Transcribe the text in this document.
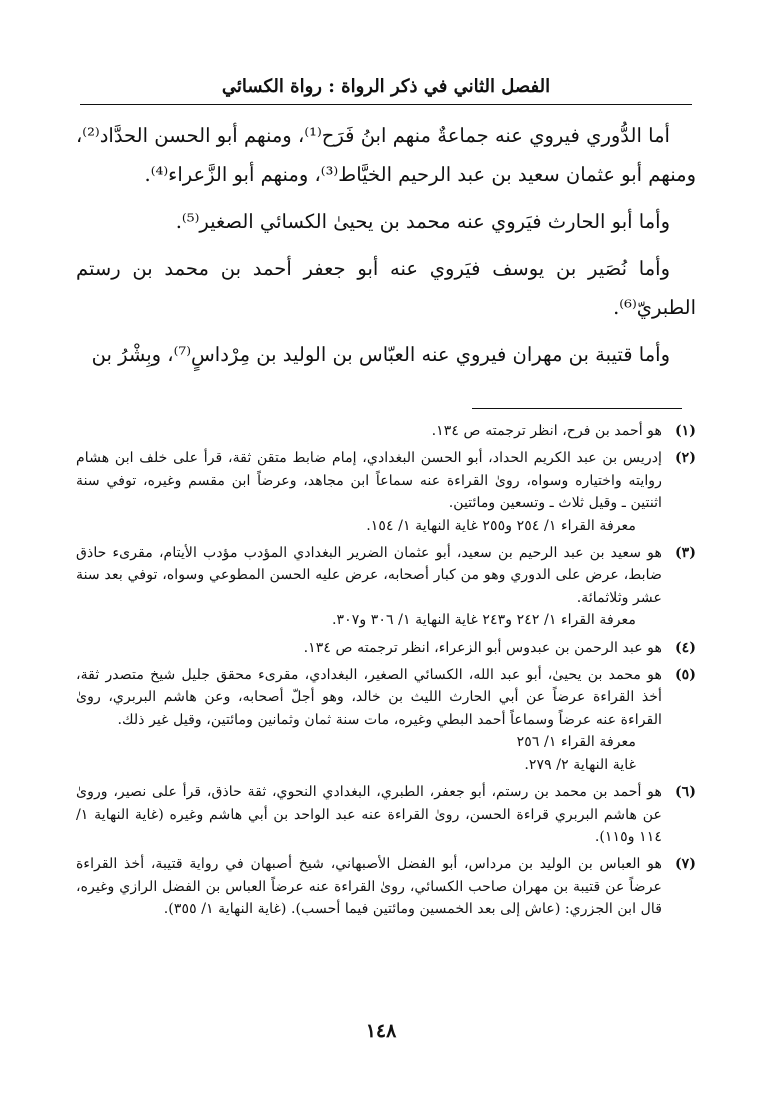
الفصل الثاني في ذكر الرواة : رواة الكسائي

أما الدُّوري فيروي عنه جماعةٌ منهم ابنُ فَرَح⁽¹⁾، ومنهم أبو الحسن الحدَّاد⁽²⁾، ومنهم أبو عثمان سعيد بن عبد الرحيم الخيَّاط⁽³⁾، ومنهم أبو الزَّعراء⁽⁴⁾.

وأما أبو الحارث فيَروي عنه محمد بن يحيىٰ الكسائي الصغير⁽⁵⁾.

وأما نُصَير بن يوسف فيَروي عنه أبو جعفر أحمد بن محمد بن رستم الطبريّ⁽⁶⁾.

وأما قتيبة بن مهران فيروي عنه العبّاس بن الوليد بن مِرْداسٍ⁽⁷⁾، وبِشْرُ بن

(١)
هو أحمد بن فرح، انظر ترجمته ص ١٣٤.
(٢)
إدريس بن عبد الكريم الحداد، أبو الحسن البغدادي، إمام ضابط متقن ثقة، قرأ على خلف ابن هشام روايته واختياره وسواه، روىٰ القراءة عنه سماعاً ابن مجاهد، وعرضاً ابن مقسم وغيره، توفي سنة اثنتين ـ وقيل ثلاث ـ وتسعين ومائتين.
معرفة القراء ١/ ٢٥٤ و٢٥٥ غاية النهاية ١/ ١٥٤.
(٣)
هو سعيد بن عبد الرحيم بن سعيد، أبو عثمان الضرير البغدادي المؤدب مؤدب الأيتام، مقرىء حاذق ضابط، عرض على الدوري وهو من كبار أصحابه، عرض عليه الحسن المطوعي وسواه، توفي بعد سنة عشر وثلاثمائة.
معرفة القراء ١/ ٢٤٢ و٢٤٣ غاية النهاية ١/ ٣٠٦ و٣٠٧.
(٤)
هو عبد الرحمن بن عبدوس أبو الزعراء، انظر ترجمته ص ١٣٤.
(٥)
هو محمد بن يحيىٰ، أبو عبد الله، الكسائي الصغير، البغدادي، مقرىء محقق جليل شيخ متصدر ثقة، أخذ القراءة عرضاً عن أبي الحارث الليث بن خالد، وهو أجلّ أصحابه، وعن هاشم البربري، روىٰ القراءة عنه عرضاً وسماعاً أحمد البطي وغيره، مات سنة ثمان وثمانين ومائتين، وقيل غير ذلك.
معرفة القراء ١/ ٢٥٦
غاية النهاية ٢/ ٢٧٩.
(٦)
هو أحمد بن محمد بن رستم، أبو جعفر، الطبري، البغدادي النحوي، ثقة حاذق، قرأ على نصير، وروىٰ عن هاشم البربري قراءة الحسن، روىٰ القراءة عنه عبد الواحد بن أبي هاشم وغيره (غاية النهاية ١/ ١١٤ و١١٥).
(٧)
هو العباس بن الوليد بن مرداس، أبو الفضل الأصبهاني، شيخ أصبهان في رواية قتيبة، أخذ القراءة عرضاً عن قتيبة بن مهران صاحب الكسائي، روىٰ القراءة عنه عرضاً العباس بن الفضل الرازي وغيره، قال ابن الجزري: (عاش إلى بعد الخمسين ومائتين فيما أحسب). (غاية النهاية ١/ ٣٥٥).
١٤٨
